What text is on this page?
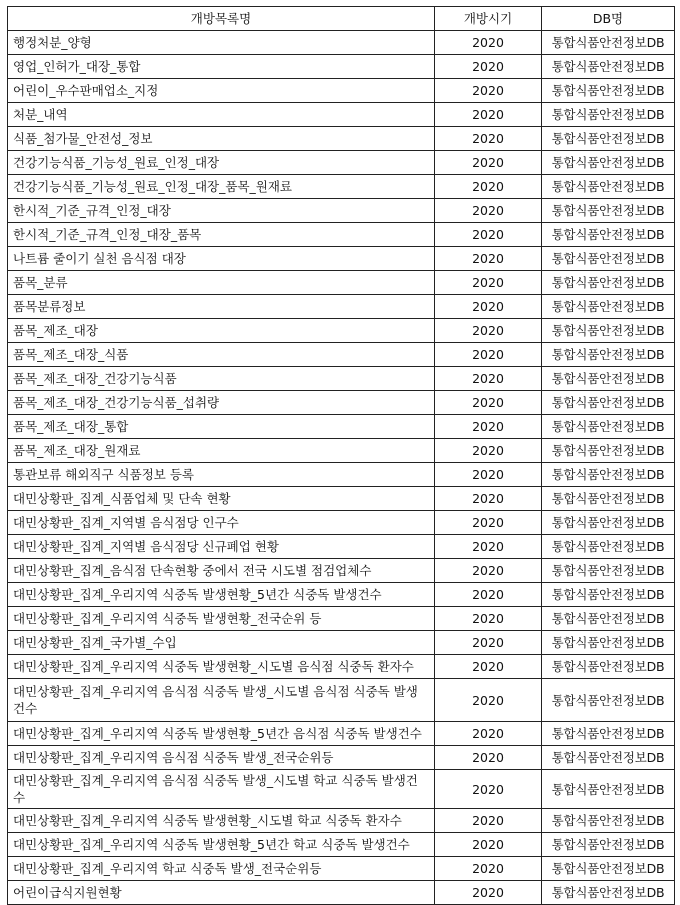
개방목록명	개방시기	DB명
행정처분_양형	2020	통합식품안전정보DB
영업_인허가_대장_통합	2020	통합식품안전정보DB
어린이_우수판매업소_지정	2020	통합식품안전정보DB
처분_내역	2020	통합식품안전정보DB
식품_첨가물_안전성_정보	2020	통합식품안전정보DB
건강기능식품_기능성_원료_인정_대장	2020	통합식품안전정보DB
건강기능식품_기능성_원료_인정_대장_품목_원재료	2020	통합식품안전정보DB
한시적_기준_규격_인정_대장	2020	통합식품안전정보DB
한시적_기준_규격_인정_대장_품목	2020	통합식품안전정보DB
나트륨 줄이기 실천 음식점 대장	2020	통합식품안전정보DB
품목_분류	2020	통합식품안전정보DB
품목분류정보	2020	통합식품안전정보DB
품목_제조_대장	2020	통합식품안전정보DB
품목_제조_대장_식품	2020	통합식품안전정보DB
품목_제조_대장_건강기능식품	2020	통합식품안전정보DB
품목_제조_대장_건강기능식품_섭취량	2020	통합식품안전정보DB
품목_제조_대장_통합	2020	통합식품안전정보DB
품목_제조_대장_원재료	2020	통합식품안전정보DB
통관보류 해외직구 식품정보 등록	2020	통합식품안전정보DB
대민상황판_집계_식품업체 및 단속 현황	2020	통합식품안전정보DB
대민상황판_집계_지역별 음식점당 인구수	2020	통합식품안전정보DB
대민상황판_집계_지역별 음식점당 신규폐업 현황	2020	통합식품안전정보DB
대민상황판_집계_음식점 단속현황 중에서 전국 시도별 점검업체수	2020	통합식품안전정보DB
대민상황판_집계_우리지역 식중독 발생현황_5년간 식중독 발생건수	2020	통합식품안전정보DB
대민상황판_집계_우리지역 식중독 발생현황_전국순위 등	2020	통합식품안전정보DB
대민상황판_집계_국가별_수입	2020	통합식품안전정보DB
대민상황판_집계_우리지역 식중독 발생현황_시도별 음식점 식중독 환자수	2020	통합식품안전정보DB
대민상황판_집계_우리지역 음식점 식중독 발생_시도별 음식점 식중독 발생건수	2020	통합식품안전정보DB
대민상황판_집계_우리지역 식중독 발생현황_5년간 음식점 식중독 발생건수	2020	통합식품안전정보DB
대민상황판_집계_우리지역 음식점 식중독 발생_전국순위등	2020	통합식품안전정보DB
대민상황판_집계_우리지역 음식점 식중독 발생_시도별 학교 식중독 발생건수	2020	통합식품안전정보DB
대민상황판_집계_우리지역 식중독 발생현황_시도별 학교 식중독 환자수	2020	통합식품안전정보DB
대민상황판_집계_우리지역 식중독 발생현황_5년간 학교 식중독 발생건수	2020	통합식품안전정보DB
대민상황판_집계_우리지역 학교 식중독 발생_전국순위등	2020	통합식품안전정보DB
어린이급식지원현황	2020	통합식품안전정보DB
